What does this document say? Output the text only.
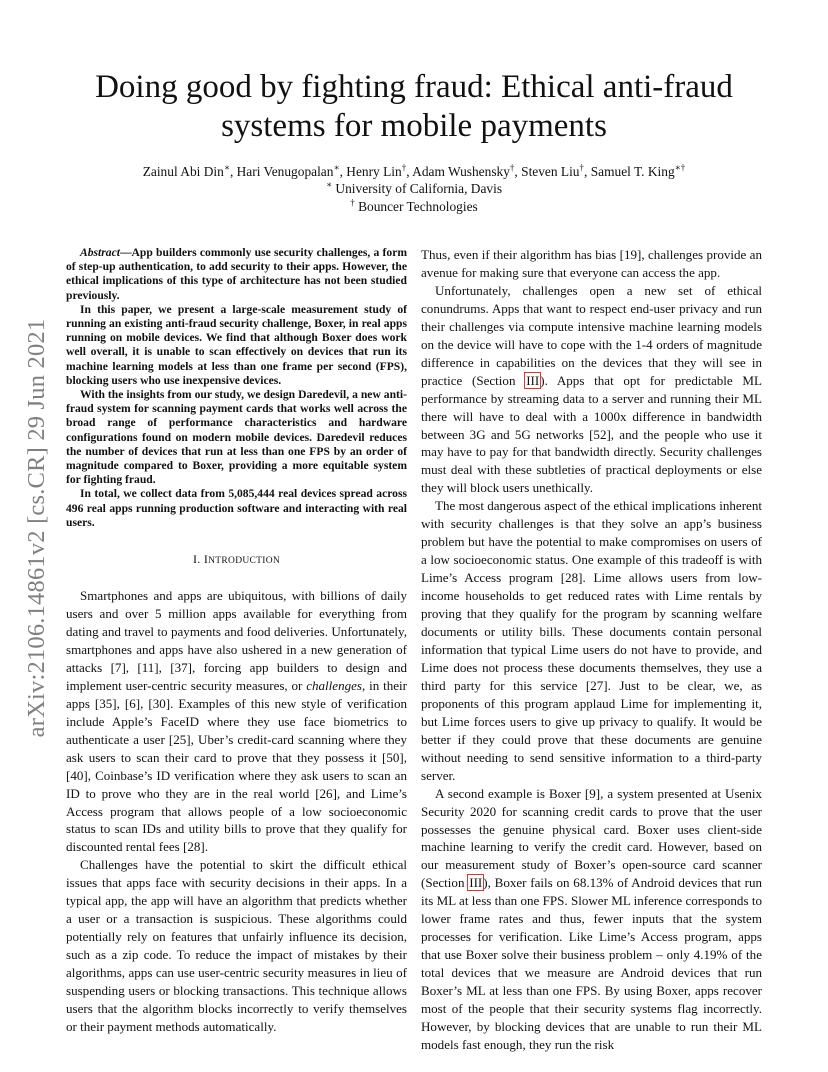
arXiv:2106.14861v2 [cs.CR] 29 Jun 2021
Doing good by fighting fraud: Ethical anti-fraud
systems for mobile payments
Zainul Abi Din∗, Hari Venugopalan∗, Henry Lin†, Adam Wushensky†, Steven Liu†, Samuel T. King∗†
∗ University of California, Davis
† Bouncer Technologies

Abstract—App builders commonly use security challenges, a form of step-up authentication, to add security to their apps. However, the ethical implications of this type of architecture has not been studied previously.

In this paper, we present a large-scale measurement study of running an existing anti-fraud security challenge, Boxer, in real apps running on mobile devices. We find that although Boxer does work well overall, it is unable to scan effectively on devices that run its machine learning models at less than one frame per second (FPS), blocking users who use inexpensive devices.

With the insights from our study, we design Daredevil, a new anti-fraud system for scanning payment cards that works well across the broad range of performance characteristics and hardware configurations found on modern mobile devices. Daredevil reduces the number of devices that run at less than one FPS by an order of magnitude compared to Boxer, providing a more equitable system for fighting fraud.

In total, we collect data from 5,085,444 real devices spread across 496 real apps running production software and interacting with real users.

I. INTRODUCTION

Smartphones and apps are ubiquitous, with billions of daily users and over 5 million apps available for everything from dating and travel to payments and food deliveries. Unfortunately, smartphones and apps have also ushered in a new generation of attacks [7], [11], [37], forcing app builders to design and implement user-centric security measures, or challenges, in their apps [35], [6], [30]. Examples of this new style of verification include Apple’s FaceID where they use face biometrics to authenticate a user [25], Uber’s credit-card scanning where they ask users to scan their card to prove that they possess it [50], [40], Coinbase’s ID verification where they ask users to scan an ID to prove who they are in the real world [26], and Lime’s Access program that allows people of a low socioeconomic status to scan IDs and utility bills to prove that they qualify for discounted rental fees [28].

Challenges have the potential to skirt the difficult ethical issues that apps face with security decisions in their apps. In a typical app, the app will have an algorithm that predicts whether a user or a transaction is suspicious. These algorithms could potentially rely on features that unfairly influence its decision, such as a zip code. To reduce the impact of mistakes by their algorithms, apps can use user-centric security measures in lieu of suspending users or blocking transactions. This technique allows users that the algorithm blocks incorrectly to verify themselves or their payment methods automatically.

Thus, even if their algorithm has bias [19], challenges provide an avenue for making sure that everyone can access the app.

Unfortunately, challenges open a new set of ethical conundrums. Apps that want to respect end-user privacy and run their challenges via compute intensive machine learning models on the device will have to cope with the 1-4 orders of magnitude difference in capabilities on the devices that they will see in practice (Section III). Apps that opt for predictable ML performance by streaming data to a server and running their ML there will have to deal with a 1000x difference in bandwidth between 3G and 5G networks [52], and the people who use it may have to pay for that bandwidth directly. Security challenges must deal with these subtleties of practical deployments or else they will block users unethically.

The most dangerous aspect of the ethical implications inherent with security challenges is that they solve an app’s business problem but have the potential to make compromises on users of a low socioeconomic status. One example of this tradeoff is with Lime’s Access program [28]. Lime allows users from low-income households to get reduced rates with Lime rentals by proving that they qualify for the program by scanning welfare documents or utility bills. These documents contain personal information that typical Lime users do not have to provide, and Lime does not process these documents themselves, they use a third party for this service [27]. Just to be clear, we, as proponents of this program applaud Lime for implementing it, but Lime forces users to give up privacy to qualify. It would be better if they could prove that these documents are genuine without needing to send sensitive information to a third-party server.

A second example is Boxer [9], a system presented at Usenix Security 2020 for scanning credit cards to prove that the user possesses the genuine physical card. Boxer uses client-side machine learning to verify the credit card. However, based on our measurement study of Boxer’s open-source card scanner (Section III), Boxer fails on 68.13% of Android devices that run its ML at less than one FPS. Slower ML inference corresponds to lower frame rates and thus, fewer inputs that the system processes for verification. Like Lime’s Access program, apps that use Boxer solve their business problem – only 4.19% of the total devices that we measure are Android devices that run Boxer’s ML at less than one FPS. By using Boxer, apps recover most of the people that their security systems flag incorrectly. However, by blocking devices that are unable to run their ML models fast enough, they run the risk
